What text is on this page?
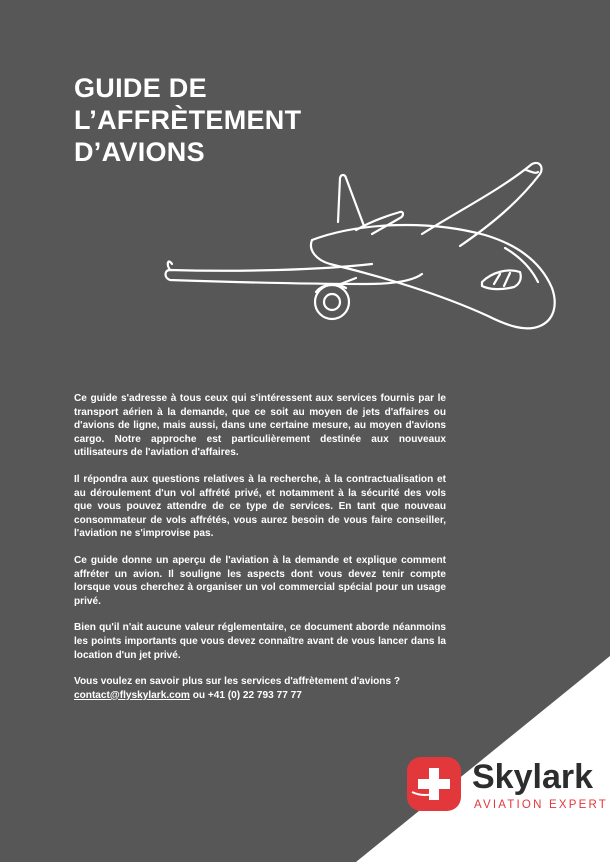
GUIDE DE
L’AFFRÈTEMENT
D’AVIONS

Ce guide s'adresse à tous ceux qui s'intéressent aux services fournis par le transport aérien à la demande, que ce soit au moyen de jets d'affaires ou d'avions de ligne, mais aussi, dans une certaine mesure, au moyen d'avions cargo. Notre approche est particulièrement destinée aux nouveaux utilisateurs de l'aviation d'affaires.

Il répondra aux questions relatives à la recherche, à la contractualisation et au déroulement d'un vol affrété privé, et notamment à la sécurité des vols que vous pouvez attendre de ce type de services. En tant que nouveau consommateur de vols affrétés, vous aurez besoin de vous faire conseiller, l'aviation ne s'improvise pas.

Ce guide donne un aperçu de l'aviation à la demande et explique comment affréter un avion. Il souligne les aspects dont vous devez tenir compte lorsque vous cherchez à organiser un vol commercial spécial pour un usage privé.

Bien qu'il n'ait aucune valeur réglementaire, ce document aborde néanmoins les points importants que vous devez connaître avant de vous lancer dans la location d'un jet privé.

Vous voulez en savoir plus sur les services d'affrètement d'avions ?
contact@flyskylark.com ou +41 (0) 22 793 77 77

Skylark
AVIATION EXPERT
